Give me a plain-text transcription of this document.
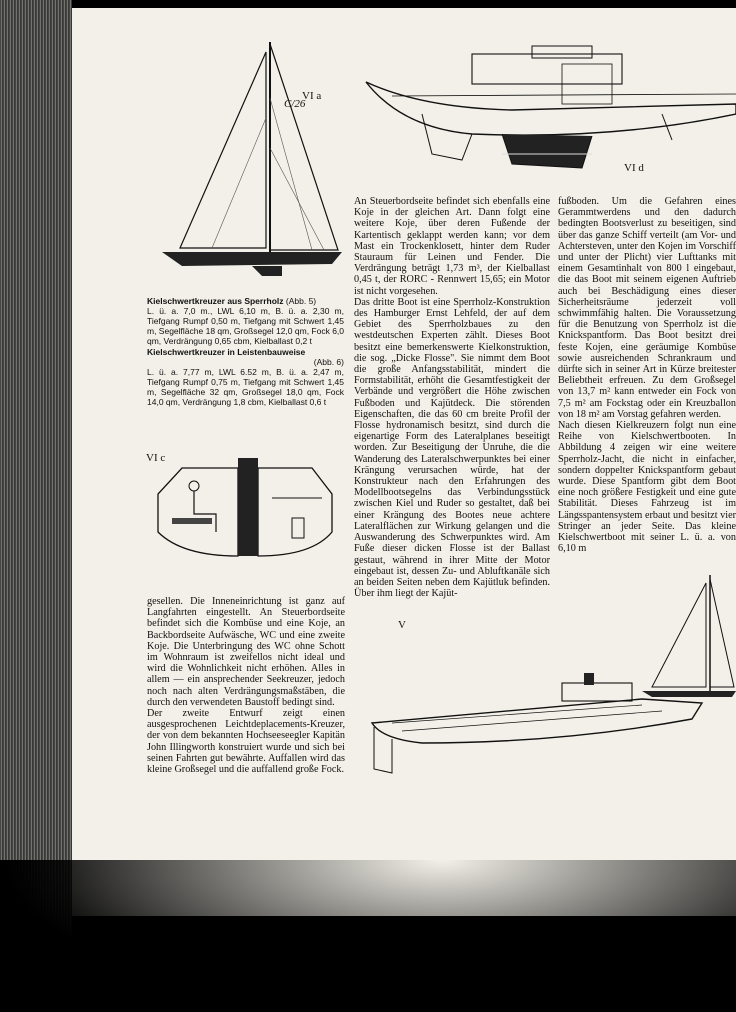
C/26
VI a
VI d
Kielschwertkreuzer aus Sperrholz (Abb. 5)
L. ü. a. 7,0 m., LWL 6,10 m, B. ü. a. 2,30 m, Tiefgang Rumpf 0,50 m, Tiefgang mit Schwert 1,45 m, Segelfläche 18 qm, Großsegel 12,0 qm, Fock 6,0 qm, Verdrängung 0,65 cbm, Kielballast 0,2 t
Kielschwertkreuzer in Leistenbauweise
(Abb. 6)
L. ü. a. 7,77 m, LWL 6.52 m, B. ü. a. 2,47 m, Tiefgang Rumpf 0,75 m, Tiefgang mit Schwert 1,45 m, Segelfläche 32 qm, Großsegel 18,0 qm, Fock 14,0 qm, Verdrängung 1,8 cbm, Kielballast 0,6 t
VI c
gesellen. Die Inneneinrichtung ist ganz auf Langfahrten eingestellt. An Steuerbordseite befindet sich die Kombüse und eine Koje, an Backbordseite Aufwäsche, WC und eine zweite Koje. Die Unterbringung des WC ohne Schott im Wohnraum ist zweifellos nicht ideal und wird die Wohnlichkeit nicht erhöhen. Alles in allem — ein ansprechender Seekreuzer, jedoch noch nach alten Verdrängungsmaßstäben, die durch den verwendeten Baustoff bedingt sind.
Der zweite Entwurf zeigt einen ausgesprochenen Leichtdeplacements-Kreuzer, der von dem bekannten Hochseeseegler Kapitän John Illingworth konstruiert wurde und sich bei seinen Fahrten gut bewährte. Auffallen wird das kleine Großsegel und die auffallend große Fock.
An Steuerbordseite befindet sich ebenfalls eine Koje in der gleichen Art. Dann folgt eine weitere Koje, über deren Fußende der Kartentisch geklappt werden kann; vor dem Mast ein Trockenklosett, hinter dem Ruder Stauraum für Leinen und Fender. Die Verdrängung beträgt 1,73 m³, der Kielballast 0,45 t, der RORC - Rennwert 15,65; ein Motor ist nicht vorgesehen.
Das dritte Boot ist eine Sperrholz-Konstruktion des Hamburger Ernst Lehfeld, der auf dem Gebiet des Sperrholzbaues zu den westdeutschen Experten zählt. Dieses Boot besitzt eine bemerkenswerte Kielkonstruktion, die sog. „Dicke Flosse". Sie nimmt dem Boot die große Anfangsstabilität, mindert die Formstabilität, erhöht die Gesamtfestigkeit der Verbände und vergrößert die Höhe zwischen Fußboden und Kajütdeck. Die störenden Eigenschaften, die das 60 cm breite Profil der Flosse hydronamisch besitzt, sind durch die eigenartige Form des Lateralplanes beseitigt worden. Zur Beseitigung der Unruhe, die die Wanderung des Lateralschwerpunktes bei einer Krängung verursachen würde, hat der Konstrukteur nach den Erfahrungen des Modellbootsegelns das Verbindungsstück zwischen Kiel und Ruder so gestaltet, daß bei einer Krängung des Bootes neue achtere Lateralflächen zur Wirkung gelangen und die Auswanderung des Schwerpunktes wird. Am Fuße dieser dicken Flosse ist der Ballast gestaut, während in ihrer Mitte der Motor eingebaut ist, dessen Zu- und Abluftkanäle sich an beiden Seiten neben dem Kajütluk befinden. Über ihm liegt der Kajüt-
fußboden. Um die Gefahren eines Gerammtwerdens und den dadurch bedingten Bootsverlust zu beseitigen, sind über das ganze Schiff verteilt (am Vor- und Achtersteven, unter den Kojen im Vorschiff und unter der Plicht) vier Lufttanks mit einem Gesamtinhalt von 800 l eingebaut, die das Boot mit seinem eigenen Auftrieb auch bei Beschädigung eines dieser Sicherheitsräume jederzeit voll schwimmfähig halten. Die Voraussetzung für die Benutzung von Sperrholz ist die Knickspantform. Das Boot besitzt drei feste Kojen, eine geräumige Kombüse sowie ausreichenden Schrankraum und dürfte sich in seiner Art in Kürze breitester Beliebtheit erfreuen. Zu dem Großsegel von 13,7 m² kann entweder ein Fock von 7,5 m² am Fockstag oder ein Kreuzballon von 18 m² am Vorstag gefahren werden.
Nach diesen Kielkreuzern folgt nun eine Reihe von Kielschwertbooten. In Abbildung 4 zeigen wir eine weitere Sperrholz-Jacht, die nicht in einfacher, sondern doppelter Knickspantform gebaut wurde. Diese Spantform gibt dem Boot eine noch größere Festigkeit und eine gute Stabilität. Dieses Fahrzeug ist im Längsspantensystem erbaut und besitzt vier Stringer an jeder Seite. Das kleine Kielschwertboot mit seiner L. ü. a. von 6,10 m
V
